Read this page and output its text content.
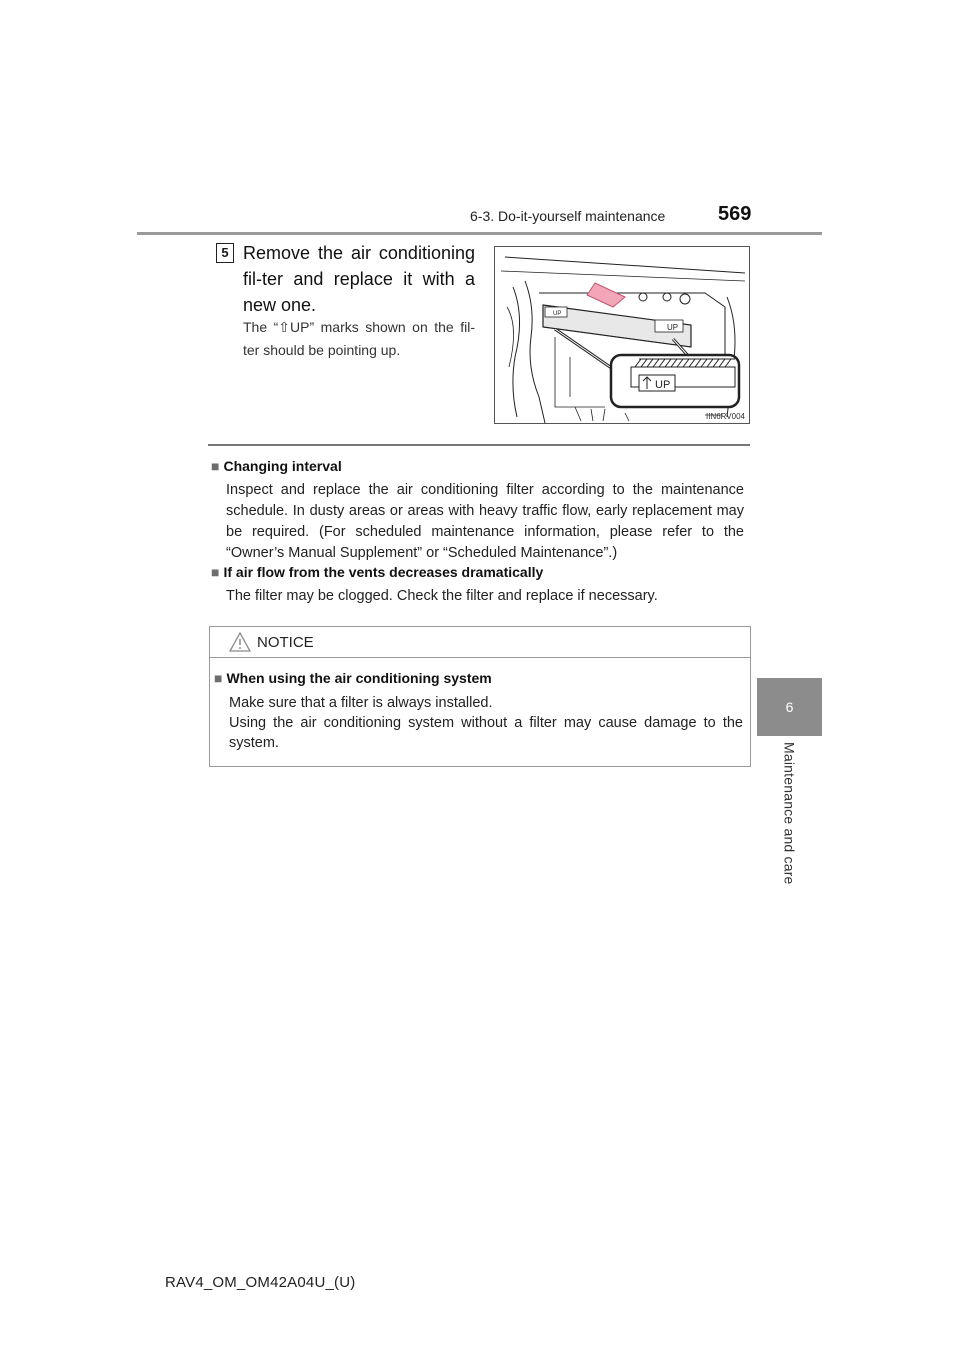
6-3. Do-it-yourself maintenance	569
6
Maintenance and care
5 Remove the air conditioning fil-ter and replace it with a new one.
The “⇧UP” marks shown on the fil-ter should be pointing up.
UP
UP
UP
IIN6RV004
■ Changing interval
Inspect and replace the air conditioning filter according to the maintenance schedule. In dusty areas or areas with heavy traffic flow, early replacement may be required. (For scheduled maintenance information, please refer to the “Owner’s Manual Supplement” or “Scheduled Maintenance”.)
■ If air flow from the vents decreases dramatically
The filter may be clogged. Check the filter and replace if necessary.
NOTICE
■ When using the air conditioning system
Make sure that a filter is always installed.
Using the air conditioning system without a filter may cause damage to the system.
RAV4_OM_OM42A04U_(U)
